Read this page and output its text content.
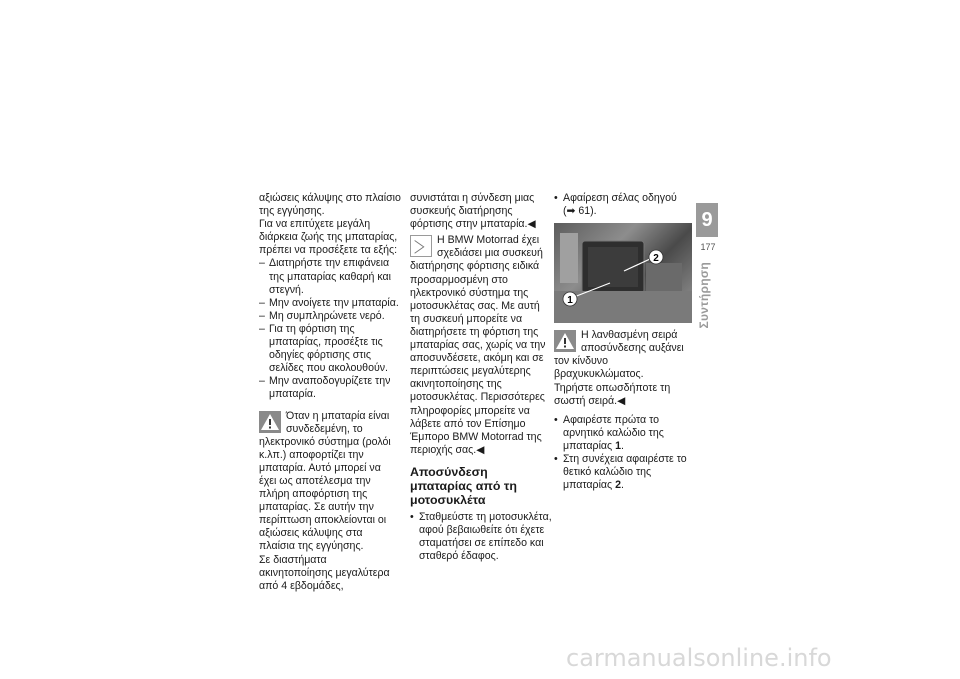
αξιώσεις κάλυψης στο πλαίσιο της εγγύησης.

Για να επιτύχετε μεγάλη διάρκεια ζωής της μπαταρίας, πρέπει να προσέξετε τα εξής:

– Διατηρήστε την επιφάνεια της μπαταρίας καθαρή και στεγνή.
– Μην ανοίγετε την μπαταρία.
– Μη συμπληρώνετε νερό.
– Για τη φόρτιση της μπαταρίας, προσέξτε τις οδηγίες φόρτισης στις σελίδες που ακολουθούν.
– Μην αναποδογυρίζετε την μπαταρία.

Όταν η μπαταρία είναι συνδεδεμένη, το ηλεκτρονικό σύστημα (ρολόι κ.λπ.) αποφορτίζει την μπαταρία. Αυτό μπορεί να έχει ως αποτέλεσμα την πλήρη αποφόρτιση της μπαταρίας. Σε αυτήν την περίπτωση αποκλείονται οι αξιώσεις κάλυψης στα πλαίσια της εγγύησης.

Σε διαστήματα ακινητοποίησης μεγαλύτερα από 4 εβδομάδες,

συνιστάται η σύνδεση μιας συσκευής διατήρησης φόρτισης στην μπαταρία.◀

Η BMW Motorrad έχει σχεδιάσει μια συσκευή διατήρησης φόρτισης ειδικά προσαρμοσμένη στο ηλεκτρονικό σύστημα της μοτοσυκλέτας σας. Με αυτή τη συσκευή μπορείτε να διατηρήσετε τη φόρτιση της μπαταρίας σας, χωρίς να την αποσυνδέσετε, ακόμη και σε περιπτώσεις μεγαλύτερης ακινητοποίησης της μοτοσυκλέτας. Περισσότερες πληροφορίες μπορείτε να λάβετε από τον Επίσημο Έμπορο BMW Motorrad της περιοχής σας.◀

Αποσύνδεση μπαταρίας από τη μοτοσυκλέτα
• Σταθμεύστε τη μοτοσυκλέτα, αφού βεβαιωθείτε ότι έχετε σταματήσει σε επίπεδο και σταθερό έδαφος.
• Αφαίρεση σέλας οδηγού
(➡ 61).
1
2

Η λανθασμένη σειρά αποσύνδεσης αυξάνει τον κίνδυνο βραχυκυκλώματος.

Τηρήστε οπωσδήποτε τη σωστή σειρά.◀

• Αφαιρέστε πρώτα το αρνητικό καλώδιο της μπαταρίας 1.
• Στη συνέχεια αφαιρέστε το θετικό καλώδιο της μπαταρίας 2.
9
177
Συντήρηση
carmanualsonline.info
